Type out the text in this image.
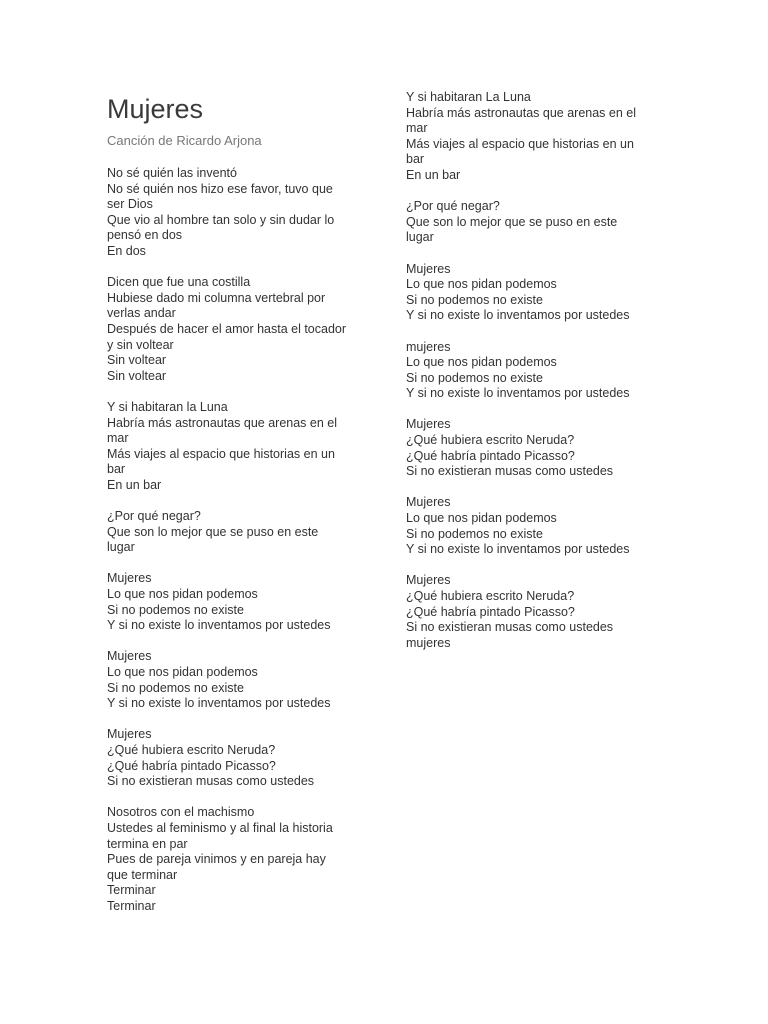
Mujeres
Canción de Ricardo Arjona
No sé quién las inventó
No sé quién nos hizo ese favor, tuvo que
ser Dios
Que vio al hombre tan solo y sin dudar lo
pensó en dos
En dos
Dicen que fue una costilla
Hubiese dado mi columna vertebral por
verlas andar
Después de hacer el amor hasta el tocador
y sin voltear
Sin voltear
Sin voltear
Y si habitaran la Luna
Habría más astronautas que arenas en el
mar
Más viajes al espacio que historias en un
bar
En un bar
¿Por qué negar?
Que son lo mejor que se puso en este
lugar
Mujeres
Lo que nos pidan podemos
Si no podemos no existe
Y si no existe lo inventamos por ustedes
Mujeres
Lo que nos pidan podemos
Si no podemos no existe
Y si no existe lo inventamos por ustedes
Mujeres
¿Qué hubiera escrito Neruda?
¿Qué habría pintado Picasso?
Si no existieran musas como ustedes
Nosotros con el machismo
Ustedes al feminismo y al final la historia
termina en par
Pues de pareja vinimos y en pareja hay
que terminar
Terminar
Terminar
Y si habitaran La Luna
Habría más astronautas que arenas en el
mar
Más viajes al espacio que historias en un
bar
En un bar
¿Por qué negar?
Que son lo mejor que se puso en este
lugar
Mujeres
Lo que nos pidan podemos
Si no podemos no existe
Y si no existe lo inventamos por ustedes
mujeres
Lo que nos pidan podemos
Si no podemos no existe
Y si no existe lo inventamos por ustedes
Mujeres
¿Qué hubiera escrito Neruda?
¿Qué habría pintado Picasso?
Si no existieran musas como ustedes
Mujeres
Lo que nos pidan podemos
Si no podemos no existe
Y si no existe lo inventamos por ustedes
Mujeres
¿Qué hubiera escrito Neruda?
¿Qué habría pintado Picasso?
Si no existieran musas como ustedes
mujeres
